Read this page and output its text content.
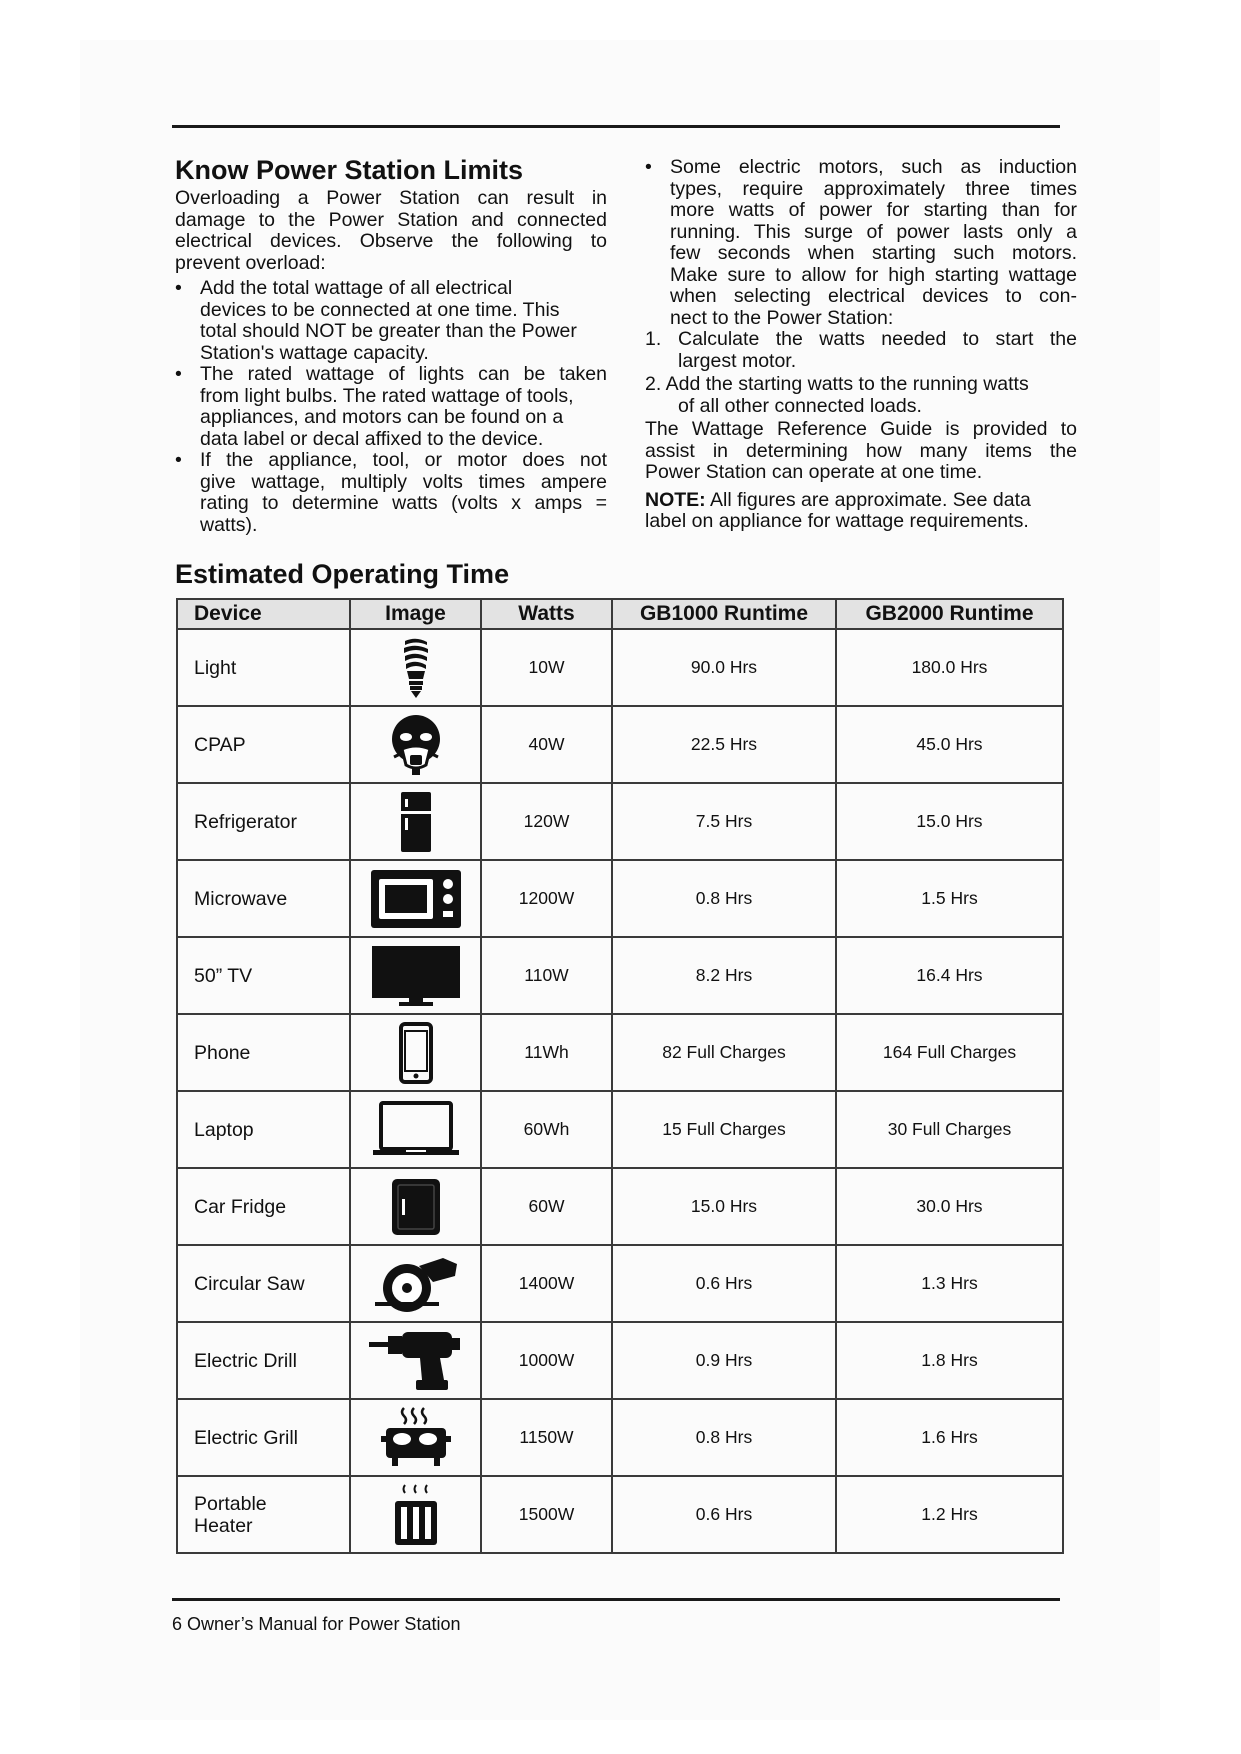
Know Power Station Limits
Overloading a Power Station can result in
damage to the Power Station and connected
electrical devices. Observe the following to
prevent overload:
• Add the total wattage of all electrical
devices to be connected at one time. This
total should NOT be greater than the Power
Station's wattage capacity.
• The rated wattage of lights can be taken
from light bulbs. The rated wattage of tools,
appliances, and motors can be found on a
data label or decal affixed to the device.
• If the appliance, tool, or motor does not
give wattage, multiply volts times ampere
rating to determine watts (volts x amps =
watts).
• Some electric motors, such as induction
types, require approximately three times
more watts of power for starting than for
running. This surge of power lasts only a
few seconds when starting such motors.
Make sure to allow for high starting wattage
when selecting electrical devices to con-
nect to the Power Station:
1. Calculate the watts needed to start the
largest motor.
2. Add the starting watts to the running watts
of all other connected loads.
The Wattage Reference Guide is provided to
assist in determining how many items the
Power Station can operate at one time.
NOTE: All figures are approximate. See data
label on appliance for wattage requirements.
Estimated Operating Time
Device	Image	Watts	GB1000 Runtime	GB2000 Runtime
Light		10W	90.0 Hrs	180.0 Hrs
CPAP		40W	22.5 Hrs	45.0 Hrs
Refrigerator		120W	7.5 Hrs	15.0 Hrs
Microwave		1200W	0.8 Hrs	1.5 Hrs
50” TV		110W	8.2 Hrs	16.4 Hrs
Phone		11Wh	82 Full Charges	164 Full Charges
Laptop		60Wh	15 Full Charges	30 Full Charges
Car Fridge		60W	15.0 Hrs	30.0 Hrs
Circular Saw		1400W	0.6 Hrs	1.3 Hrs
Electric Drill		1000W	0.9 Hrs	1.8 Hrs
Electric Grill		1150W	0.8 Hrs	1.6 Hrs

Portable Heater		1500W	0.6 Hrs	1.2 Hrs
6 Owner’s Manual for Power Station
